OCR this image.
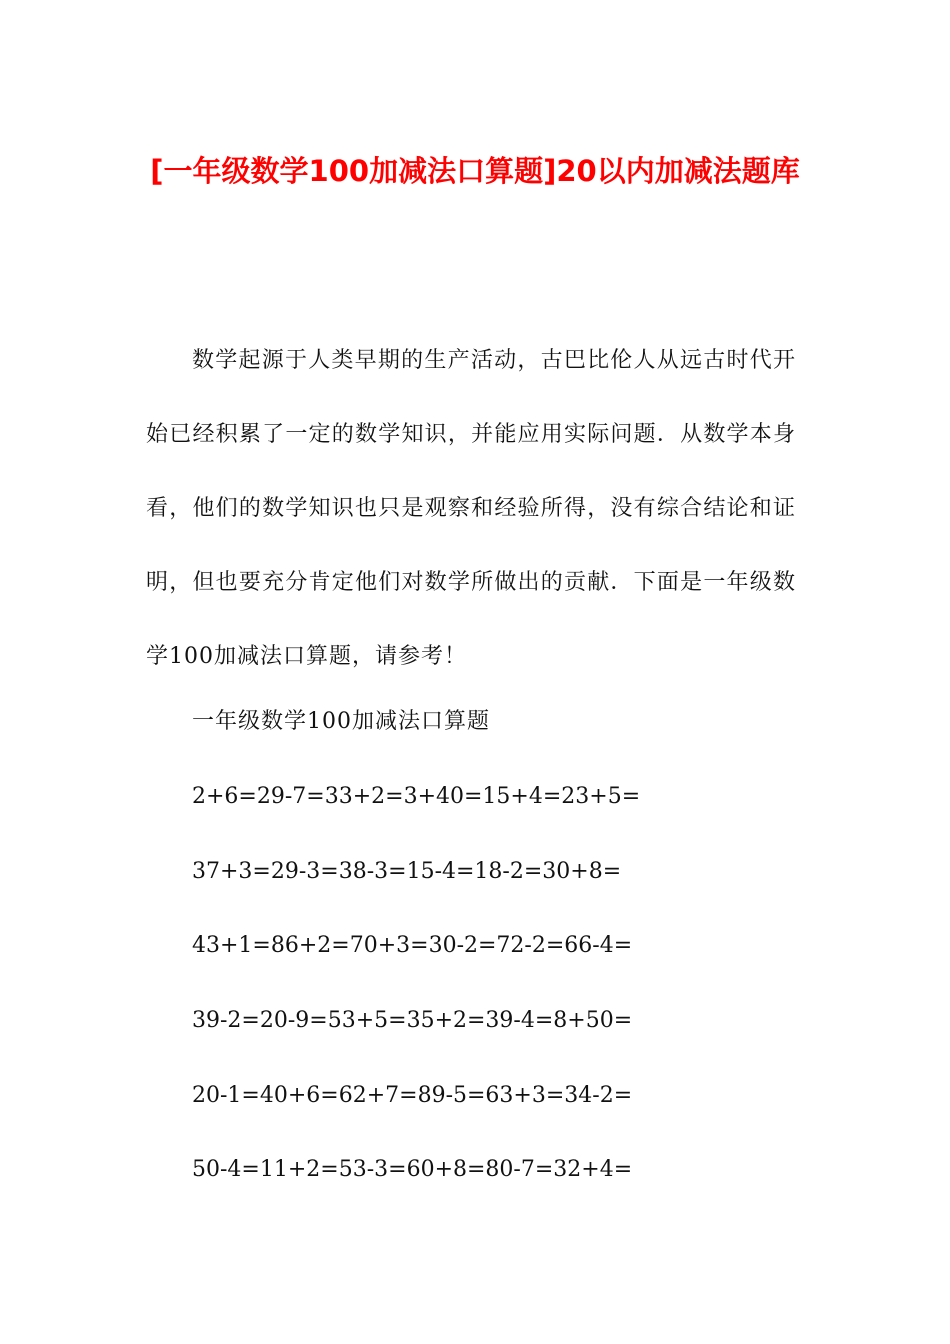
[一年级数学100加减法口算题]20以内加减法题库

数学起源于人类早期的生产活动，古巴比伦人从远古时代开始已经积累了一定的数学知识，并能应用实际问题．从数学本身看，他们的数学知识也只是观察和经验所得，没有综合结论和证明，但也要充分肯定他们对数学所做出的贡献．下面是一年级数学100加减法口算题，请参考！

一年级数学100加减法口算题

2+6=29-7=33+2=3+40=15+4=23+5=

37+3=29-3=38-3=15-4=18-2=30+8=

43+1=86+2=70+3=30-2=72-2=66-4=

39-2=20-9=53+5=35+2=39-4=8+50=

20-1=40+6=62+7=89-5=63+3=34-2=

50-4=11+2=53-3=60+8=80-7=32+4=
